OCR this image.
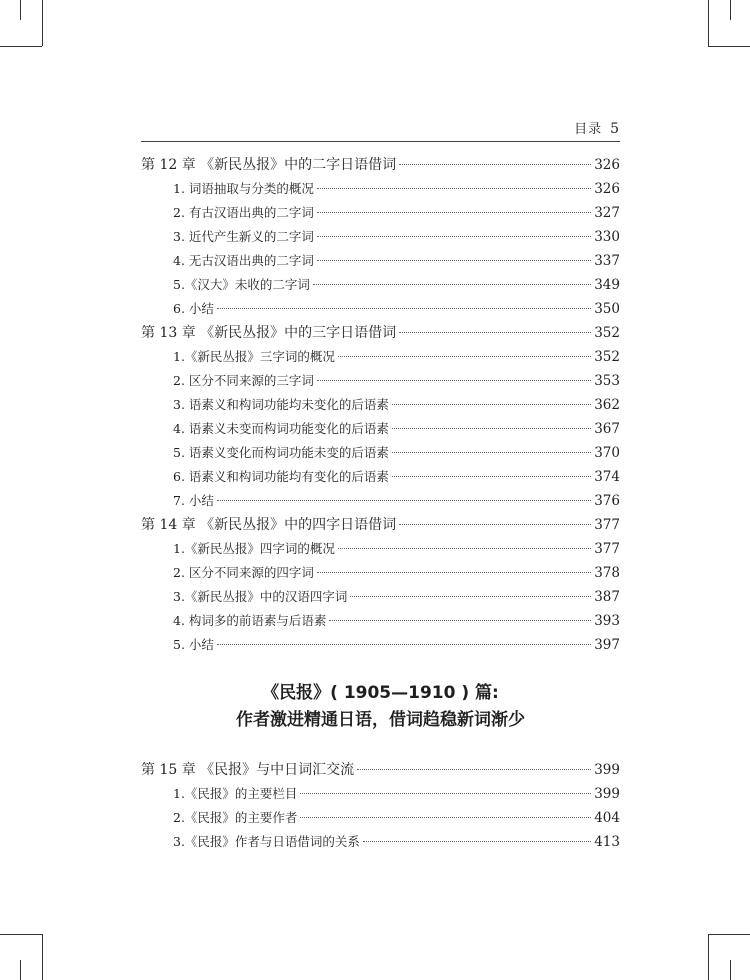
目录 5
第 12 章 《新民丛报》中的二字日语借词	326
1. 词语抽取与分类的概况	326
2. 有古汉语出典的二字词	327
3. 近代产生新义的二字词	330
4. 无古汉语出典的二字词	337
5.《汉大》未收的二字词	349
6. 小结	350
第 13 章 《新民丛报》中的三字日语借词	352
1.《新民丛报》三字词的概况	352
2. 区分不同来源的三字词	353
3. 语素义和构词功能均未变化的后语素	362
4. 语素义未变而构词功能变化的后语素	367
5. 语素义变化而构词功能未变的后语素	370
6. 语素义和构词功能均有变化的后语素	374
7. 小结	376
第 14 章 《新民丛报》中的四字日语借词	377
1.《新民丛报》四字词的概况	377
2. 区分不同来源的四字词	378
3.《新民丛报》中的汉语四字词	387
4. 构词多的前语素与后语素	393
5. 小结	397
《民报》( 1905—1910 ) 篇:
作者激进精通日语，借词趋稳新词渐少
第 15 章 《民报》与中日词汇交流	399
1.《民报》的主要栏目	399
2.《民报》的主要作者	404
3.《民报》作者与日语借词的关系	413
